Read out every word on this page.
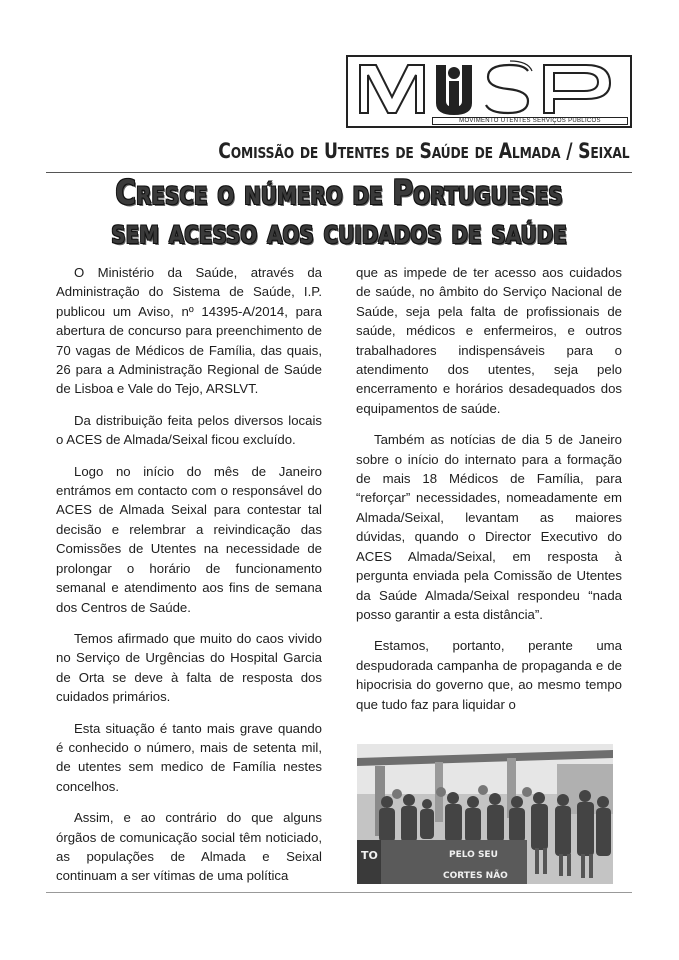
MOVIMENTO UTENTES SERVIÇOS PÚBLICOS
Comissão de Utentes de Saúde de Almada / Seixal
Cresce o número de Portugueses
sem acesso aos cuidados de saúde

O Ministério da Saúde, através da Administração do Sistema de Saúde, I.P. publicou um Aviso, nº 14395-A/2014, para abertura de concurso para preenchimento de 70 vagas de Médicos de Família, das quais, 26 para a Administração Regional de Saúde de Lisboa e Vale do Tejo, ARSLVT.

Da distribuição feita pelos diversos locais o ACES de Almada/Seixal ficou excluído.

Logo no início do mês de Janeiro entrámos em contacto com o responsável do ACES de Almada Seixal para contestar tal decisão e relembrar a reivindicação das Comissões de Utentes na necessidade de prolongar o horário de funcionamento semanal e atendimento aos fins de semana dos Centros de Saúde.

Temos afirmado que muito do caos vivido no Serviço de Urgências do Hospital Garcia de Orta se deve à falta de resposta dos cuidados primários.

Esta situação é tanto mais grave quando é conhecido o número, mais de setenta mil, de utentes sem medico de Família nestes concelhos.

Assim, e ao contrário do que alguns órgãos de comunicação social têm noticiado, as populações de Almada e Seixal continuam a ser vítimas de uma política

que as impede de ter acesso aos cuidados de saúde, no âmbito do Serviço Nacional de Saúde, seja pela falta de profissionais de saúde, médicos e enfermeiros, e outros trabalhadores indispensáveis para o atendimento dos utentes, seja pelo encerramento e horários desadequados dos equipamentos de saúde.

Também as notícias de dia 5 de Janeiro sobre o início do internato para a formação de mais 18 Médicos de Família, para “reforçar” necessidades, nomeadamente em Almada/Seixal, levantam as maiores dúvidas, quando o Director Executivo do ACES Almada/Seixal, em resposta à pergunta enviada pela Comissão de Utentes da Saúde Almada/Seixal respondeu “nada posso garantir a esta distância”.

Estamos, portanto, perante uma despudorada campanha de propaganda e de hipocrisia do governo que, ao mesmo tempo que tudo faz para liquidar o

TO	PELO SEU
CORTES NÃO
